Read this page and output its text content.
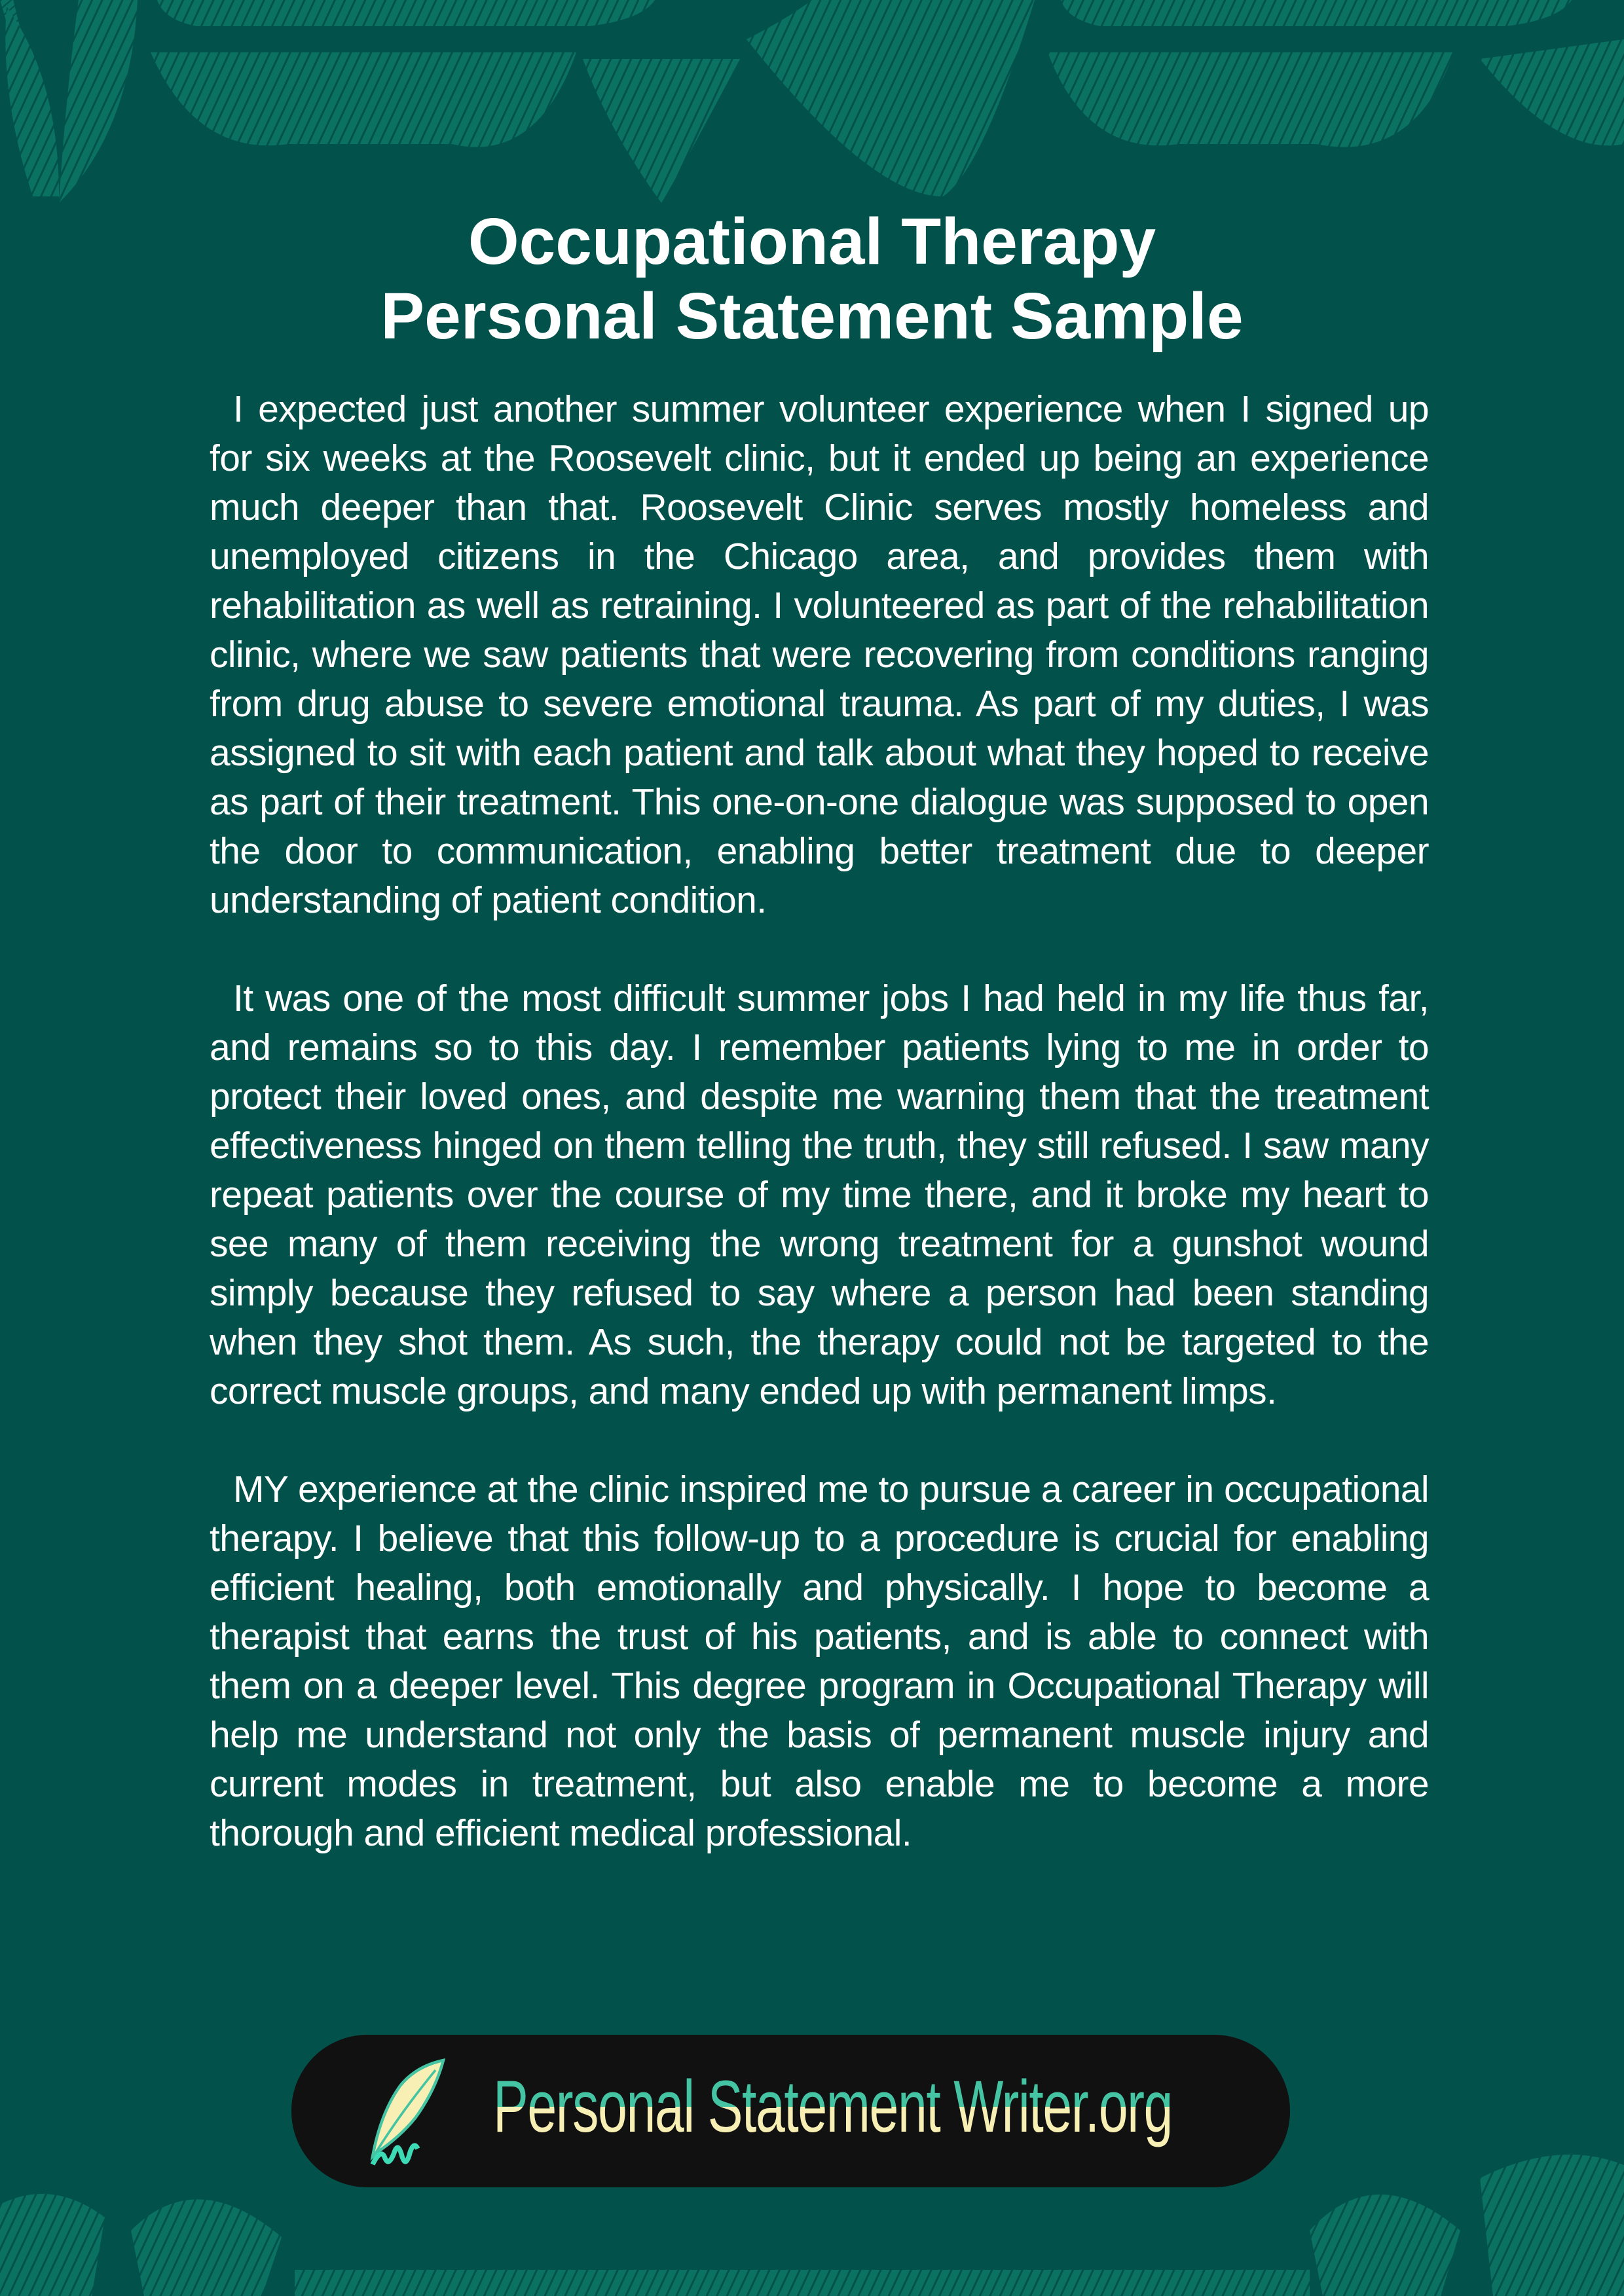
Occupational Therapy
Personal Statement Sample

I expected just another summer volunteer experience when I signed up for six weeks at the Roosevelt clinic, but it ended up being an experience much deeper than that. Roosevelt Clinic serves mostly homeless and unemployed citizens in the Chicago area, and provides them with rehabilitation as well as retraining. I volunteered as part of the rehabilitation clinic, where we saw patients that were recovering from conditions ranging from drug abuse to severe emotional trauma. As part of my duties, I was assigned to sit with each patient and talk about what they hoped to receive as part of their treatment. This one-on-one dialogue was supposed to open the door to communication, enabling better treatment due to deeper understanding of patient condition.

It was one of the most difficult summer jobs I had held in my life thus far, and remains so to this day. I remember patients lying to me in order to protect their loved ones, and despite me warning them that the treatment effectiveness hinged on them telling the truth, they still refused. I saw many repeat patients over the course of my time there, and it broke my heart to see many of them receiving the wrong treatment for a gunshot wound simply because they refused to say where a person had been standing when they shot them. As such, the therapy could not be targeted to the correct muscle groups, and many ended up with permanent limps.

MY experience at the clinic inspired me to pursue a career in occupational therapy. I believe that this follow-up to a procedure is crucial for enabling efficient healing, both emotionally and physically. I hope to become a therapist that earns the trust of his patients, and is able to connect with them on a deeper level. This degree program in Occupational Therapy will help me understand not only the basis of permanent muscle injury and current modes in treatment, but also enable me to become a more thorough and efficient medical professional.

Personal Statement Writer.org
